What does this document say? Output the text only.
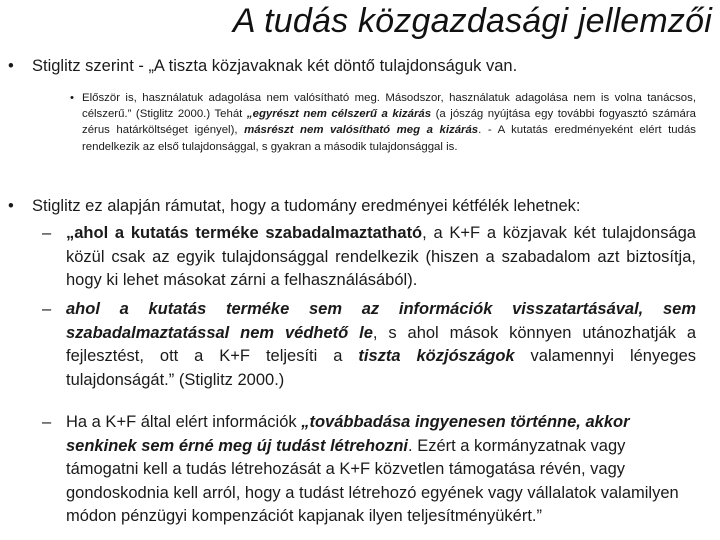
A tudás közgazdasági jellemzői
• Stiglitz szerint - „A tiszta közjavaknak két döntő tulajdonságuk van.
• Először is, használatuk adagolása nem valósítható meg. Másodszor, használatuk adagolása nem is volna tanácsos, célszerű.” (Stiglitz 2000.) Tehát „egyrészt nem célszerű a kizárás (a jószág nyújtása egy további fogyasztó számára zérus határköltséget igényel), másrészt nem valósítható meg a kizárás. - A kutatás eredményeként elért tudás rendelkezik az első tulajdonsággal, s gyakran a második tulajdonsággal is.
• Stiglitz ez alapján rámutat, hogy a tudomány eredményei kétfélék lehetnek:
– „ahol a kutatás terméke szabadalmaztatható, a K+F a közjavak két tulajdonsága közül csak az egyik tulajdonsággal rendelkezik (hiszen a szabadalom azt biztosítja, hogy ki lehet másokat zárni a felhasználásából).
– ahol a kutatás terméke sem az információk visszatartásával, sem szabadalmaztatással nem védhető le, s ahol mások könnyen utánozhatják a fejlesztést, ott a K+F teljesíti a tiszta közjószágok valamennyi lényeges tulajdonságát.” (Stiglitz 2000.)
– Ha a K+F által elért információk „továbbadása ingyenesen történne, akkor senkinek sem érné meg új tudást létrehozni. Ezért a kormányzatnak vagy támogatni kell a tudás létrehozását a K+F közvetlen támogatása révén, vagy gondoskodnia kell arról, hogy a tudást létrehozó egyének vagy vállalatok valamilyen módon pénzügyi kompenzációt kapjanak ilyen teljesítményükért.”
